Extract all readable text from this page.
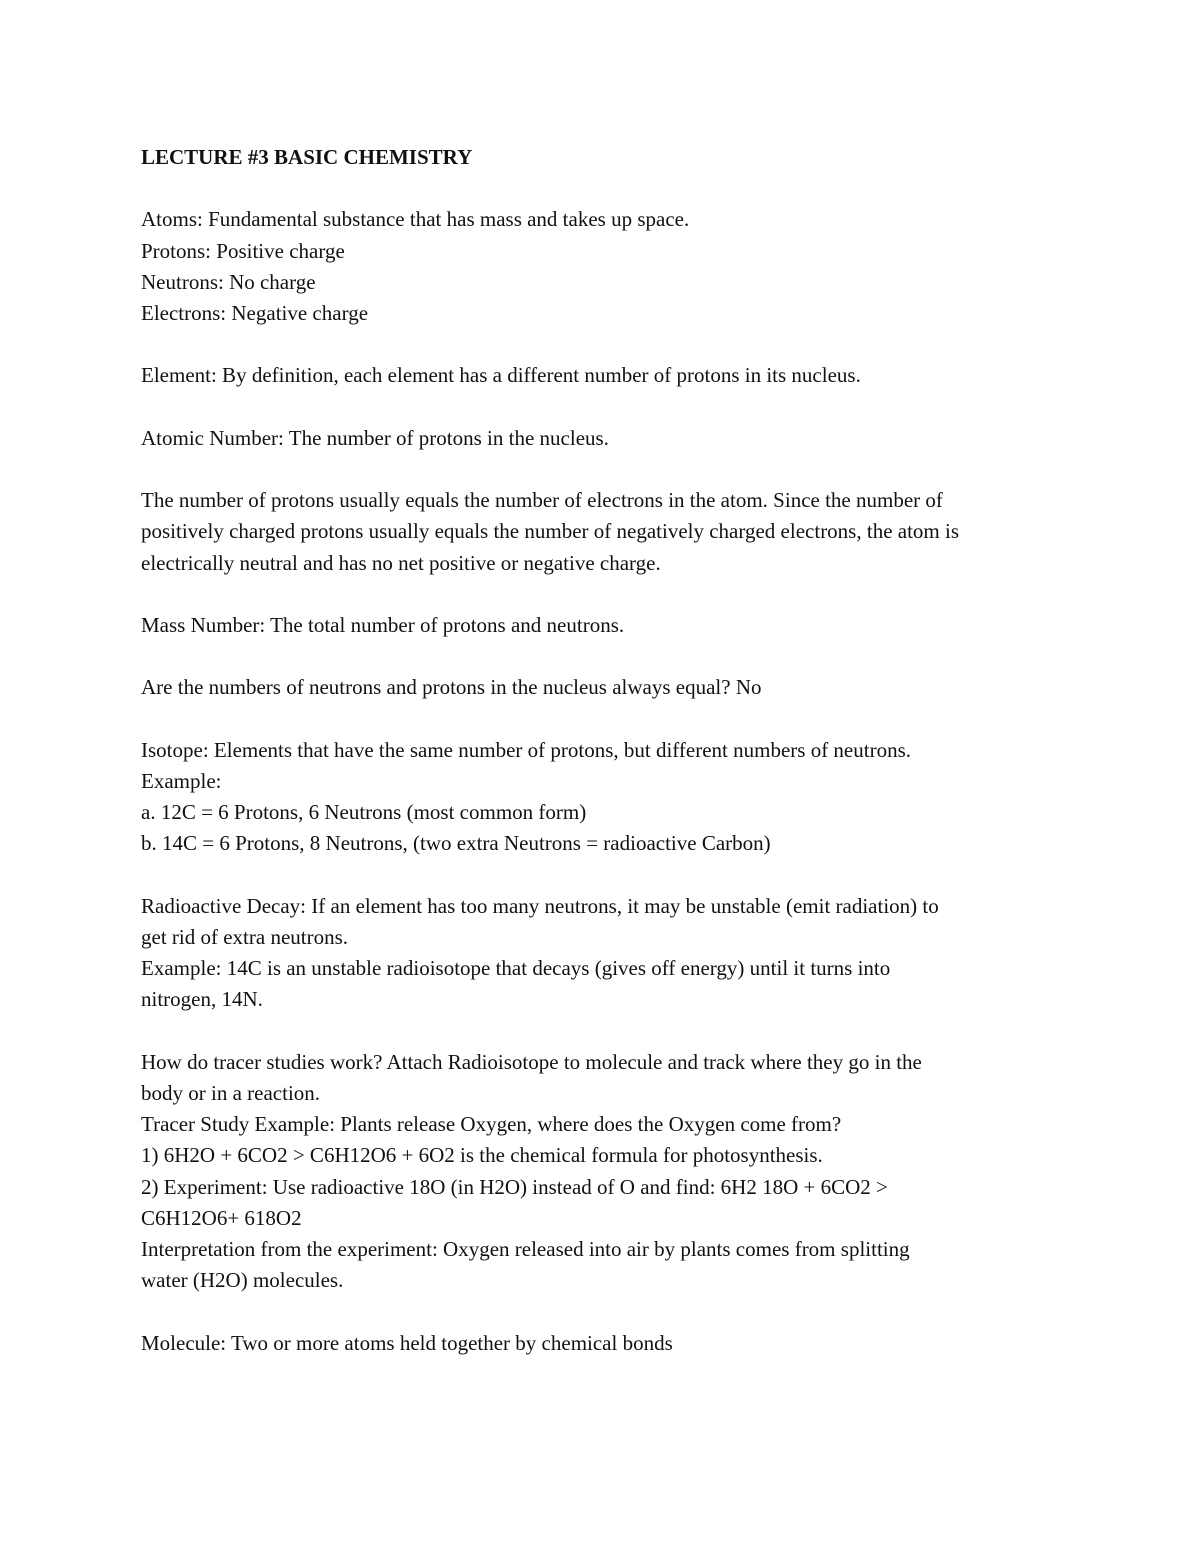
LECTURE #3 BASIC CHEMISTRY
Atoms: Fundamental substance that has mass and takes up space.
Protons: Positive charge
Neutrons: No charge
Electrons: Negative charge
Element: By definition, each element has a different number of protons in its nucleus.
Atomic Number: The number of protons in the nucleus.
The number of protons usually equals the number of electrons in the atom. Since the number of
positively charged protons usually equals the number of negatively charged electrons, the atom is
electrically neutral and has no net positive or negative charge.
Mass Number: The total number of protons and neutrons.
Are the numbers of neutrons and protons in the nucleus always equal? No
Isotope: Elements that have the same number of protons, but different numbers of neutrons.
Example:
a. 12C = 6 Protons, 6 Neutrons (most common form)
b. 14C = 6 Protons, 8 Neutrons, (two extra Neutrons = radioactive Carbon)
Radioactive Decay: If an element has too many neutrons, it may be unstable (emit radiation) to
get rid of extra neutrons.
Example: 14C is an unstable radioisotope that decays (gives off energy) until it turns into
nitrogen, 14N.
How do tracer studies work? Attach Radioisotope to molecule and track where they go in the
body or in a reaction.
Tracer Study Example: Plants release Oxygen, where does the Oxygen come from?
1) 6H2O + 6CO2 > C6H12O6 + 6O2 is the chemical formula for photosynthesis.
2) Experiment: Use radioactive 18O (in H2O) instead of O and find: 6H2 18O + 6CO2 >
C6H12O6+ 618O2
Interpretation from the experiment: Oxygen released into air by plants comes from splitting
water (H2O) molecules.
Molecule: Two or more atoms held together by chemical bonds
